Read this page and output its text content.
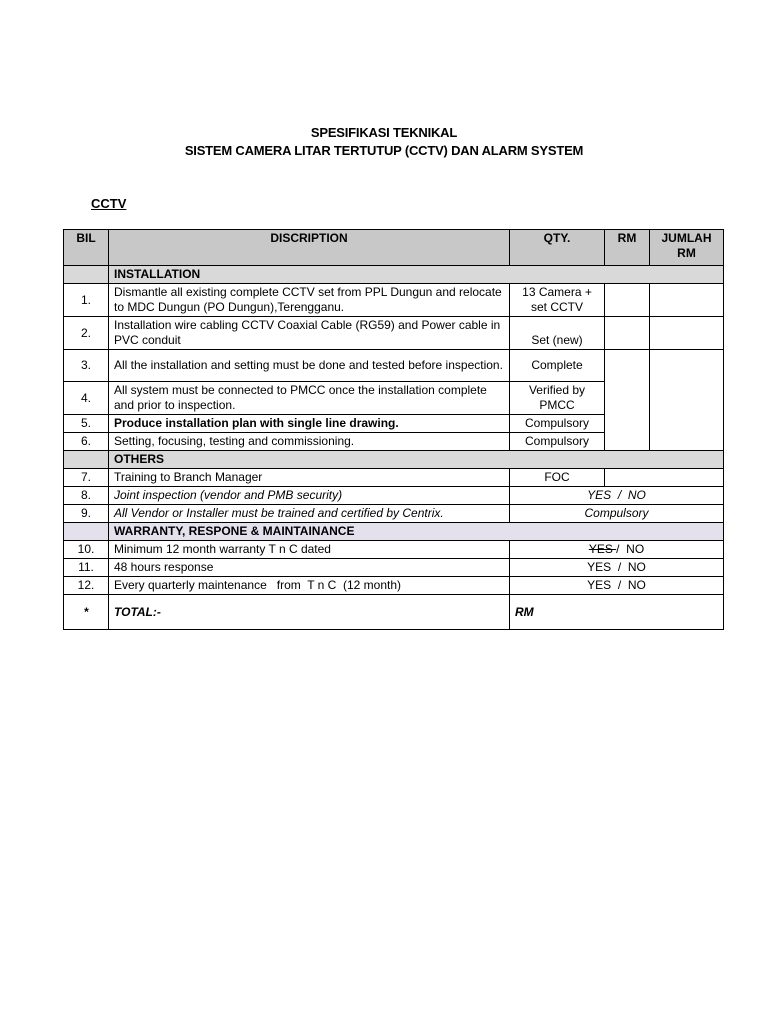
SPESIFIKASI TEKNIKAL
SISTEM CAMERA LITAR TERTUTUP (CCTV) DAN ALARM SYSTEM
CCTV
BIL	DISCRIPTION	QTY.	RM	JUMLAH
RM
	INSTALLATION			
1.	Dismantle all existing complete CCTV set from PPL Dungun and relocate to MDC Dungun (PO Dungun),Terengganu.	13 Camera + set CCTV		
2.	Installation wire cabling CCTV Coaxial Cable (RG59) and Power cable in PVC conduit	Set (new)		
3.	All the installation and setting must be done and tested before inspection.	Complete		
4.	All system must be connected to PMCC once the installation complete and prior to inspection.	Verified by PMCC		
5.	Produce installation plan with single line drawing.	Compulsory		
6.	Setting, focusing, testing and commissioning.	Compulsory		
	OTHERS			
7.	Training to Branch Manager	FOC		
8.	Joint inspection (vendor and PMB security)	YES  /  NO		
9.	All Vendor or Installer must be trained and certified by Centrix.	Compulsory		
	WARRANTY, RESPONE & MAINTAINANCE			
10.	Minimum 12 month warranty T n C dated	YES /  NO		
11.	48 hours response	YES  /  NO		
12.	Every quarterly maintenance   from  T n C  (12 month)	YES  /  NO		
*	TOTAL:-	RM		
